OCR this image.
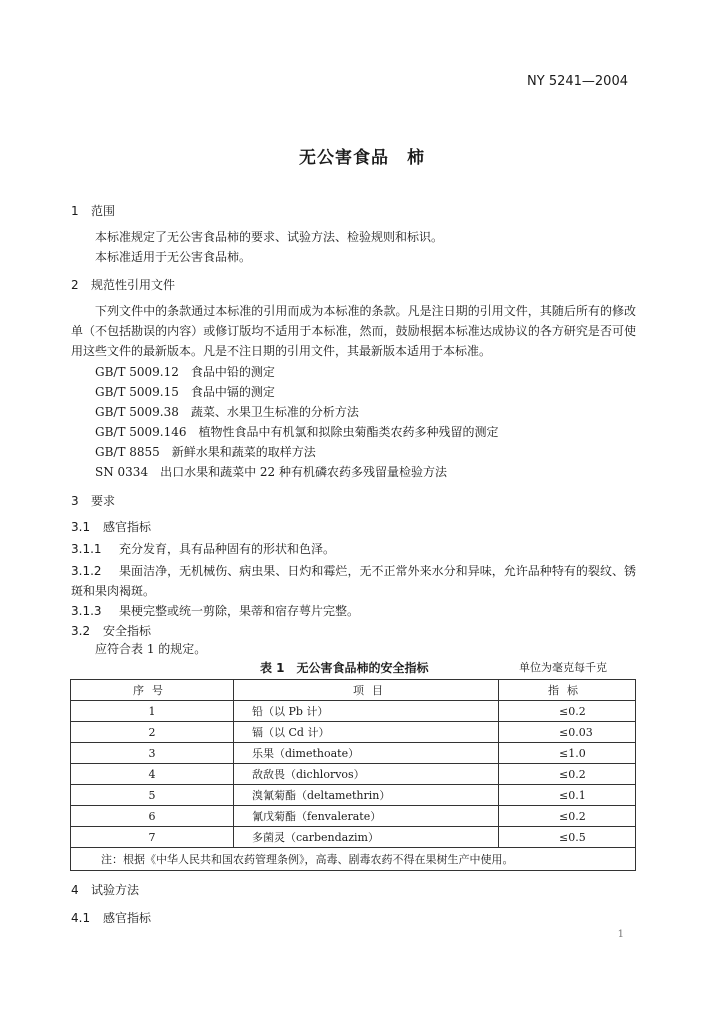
NY 5241—2004
无公害食品　柿
1 范围
本标准规定了无公害食品柿的要求、试验方法、检验规则和标识。
本标准适用于无公害食品柿。
2 规范性引用文件
下列文件中的条款通过本标准的引用而成为本标准的条款。凡是注日期的引用文件，其随后所有的修改单（不包括勘误的内容）或修订版均不适用于本标准，然而，鼓励根据本标准达成协议的各方研究是否可使用这些文件的最新版本。凡是不注日期的引用文件，其最新版本适用于本标准。
GB/T 5009.12　食品中铅的测定
GB/T 5009.15　食品中镉的测定
GB/T 5009.38　蔬菜、水果卫生标准的分析方法
GB/T 5009.146　植物性食品中有机氯和拟除虫菊酯类农药多种残留的测定
GB/T 8855　新鲜水果和蔬菜的取样方法
SN 0334　出口水果和蔬菜中 22 种有机磷农药多残留量检验方法
3 要求
3.1 感官指标
3.1.1 充分发育，具有品种固有的形状和色泽。
3.1.2 果面洁净，无机械伤、病虫果、日灼和霉烂，无不正常外来水分和异味，允许品种特有的裂纹、锈斑和果肉褐斑。
3.1.3 果梗完整或统一剪除，果蒂和宿存萼片完整。
3.2 安全指标
应符合表 1 的规定。
表 1　无公害食品柿的安全指标	单位为毫克每千克
序号	项目	指标
1	铅（以 Pb 计）	≤0.2
2	镉（以 Cd 计）	≤0.03
3	乐果（dimethoate）	≤1.0
4	敌敌畏（dichlorvos）	≤0.2
5	溴氰菊酯（deltamethrin）	≤0.1
6	氰戊菊酯（fenvalerate）	≤0.2
7	多菌灵（carbendazim）	≤0.5
注：根据《中华人民共和国农药管理条例》，高毒、剧毒农药不得在果树生产中使用。		
4 试验方法
4.1 感官指标
1
